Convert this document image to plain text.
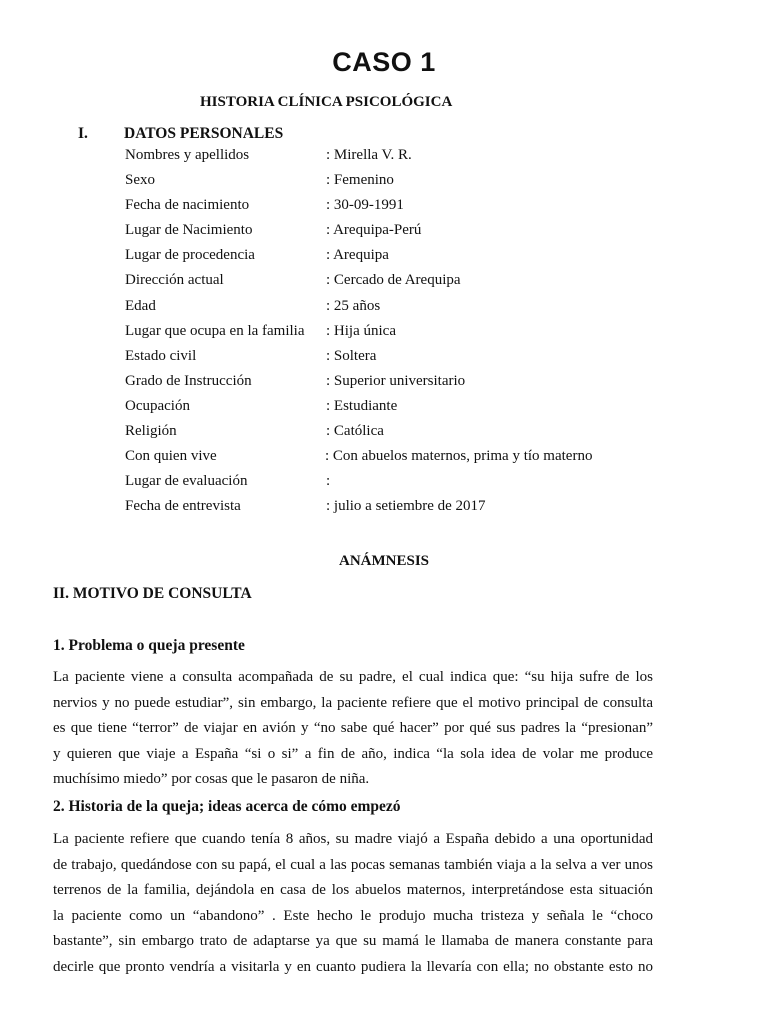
CASO 1
HISTORIA CLÍNICA PSICOLÓGICA
I. DATOS PERSONALES
Nombres y apellidos	: Mirella V. R.
Sexo	: Femenino
Fecha de nacimiento	: 30-09-1991
Lugar de Nacimiento	: Arequipa-Perú
Lugar de procedencia	: Arequipa
Dirección actual	: Cercado de Arequipa
Edad	: 25 años
Lugar que ocupa en la familia : Hija única
Estado civil	: Soltera
Grado de Instrucción	: Superior universitario
Ocupación	: Estudiante
Religión	: Católica
Con quien vive	: Con abuelos maternos, prima y tío materno
Lugar de evaluación	:
Fecha de entrevista	: julio a setiembre de 2017
ANÁMNESIS
II. MOTIVO DE CONSULTA
1. Problema o queja presente
La paciente viene a consulta acompañada de su padre, el cual indica que: “su hija sufre de los
nervios y no puede estudiar”, sin embargo, la paciente refiere que el motivo principal de consulta
es que tiene “terror” de viajar en avión y “no sabe qué hacer” por qué sus padres la “presionan”
y quieren que viaje a España “si o si” a fin de año, indica “la sola idea de volar me produce
muchísimo miedo” por cosas que le pasaron de niña.
2. Historia de la queja; ideas acerca de cómo empezó
La paciente refiere que cuando tenía 8 años, su madre viajó a España debido a una oportunidad
de trabajo, quedándose con su papá, el cual a las pocas semanas también viaja a la selva a ver unos
terrenos de la familia, dejándola en casa de los abuelos maternos, interpretándose esta situación
la paciente como un “abandono” . Este hecho le produjo mucha tristeza y señala le “choco
bastante”, sin embargo trato de adaptarse ya que su mamá le llamaba de manera constante para
decirle que pronto vendría a visitarla y en cuanto pudiera la llevaría con ella; no obstante esto no
